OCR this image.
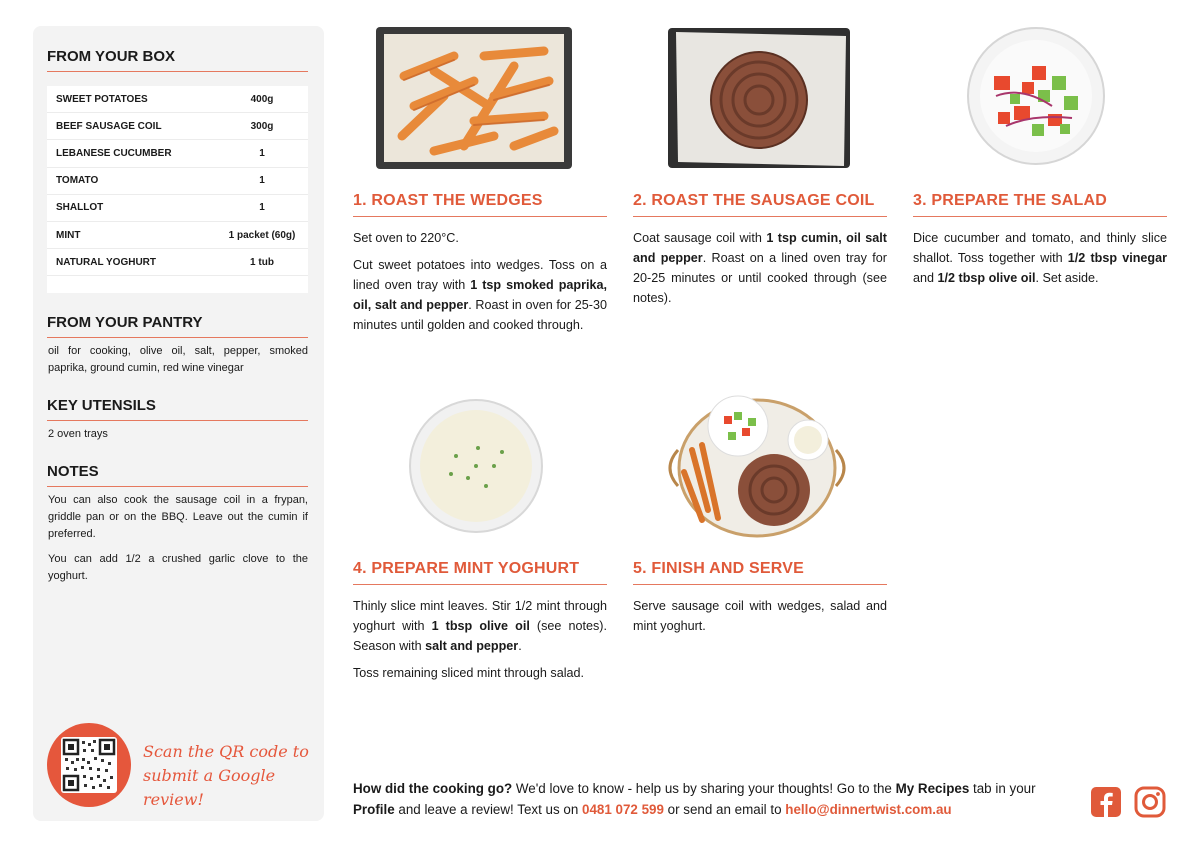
FROM YOUR BOX
SWEET POTATOES	400g
BEEF SAUSAGE COIL	300g
LEBANESE CUCUMBER	1
TOMATO	1
SHALLOT	1
MINT	1 packet (60g)
NATURAL YOGHURT	1 tub
FROM YOUR PANTRY
oil for cooking, olive oil, salt, pepper, smoked paprika, ground cumin, red wine vinegar
KEY UTENSILS
2 oven trays
NOTES

You can also cook the sausage coil in a frypan, griddle pan or on the BBQ. Leave out the cumin if preferred.

You can add 1/2 a crushed garlic clove to the yoghurt.

Scan the QR code to submit a Google review!
1. ROAST THE WEDGES

Set oven to 220°C.

Cut sweet potatoes into wedges. Toss on a lined oven tray with 1 tsp smoked paprika, oil, salt and pepper. Roast in oven for 25-30 minutes until golden and cooked through.

2. ROAST THE SAUSAGE COIL

Coat sausage coil with 1 tsp cumin, oil salt and pepper. Roast on a lined oven tray for 20-25 minutes or until cooked through (see notes).

3. PREPARE THE SALAD

Dice cucumber and tomato, and thinly slice shallot. Toss together with 1/2 tbsp vinegar and 1/2 tbsp olive oil. Set aside.

4. PREPARE MINT YOGHURT

Thinly slice mint leaves. Stir 1/2 mint through yoghurt with 1 tbsp olive oil (see notes). Season with salt and pepper.

Toss remaining sliced mint through salad.

5. FINISH AND SERVE

Serve sausage coil with wedges, salad and mint yoghurt.

How did the cooking go? We'd love to know - help us by sharing your thoughts! Go to the My Recipes tab in your Profile and leave a review! Text us on 0481 072 599 or send an email to hello@dinnertwist.com.au
